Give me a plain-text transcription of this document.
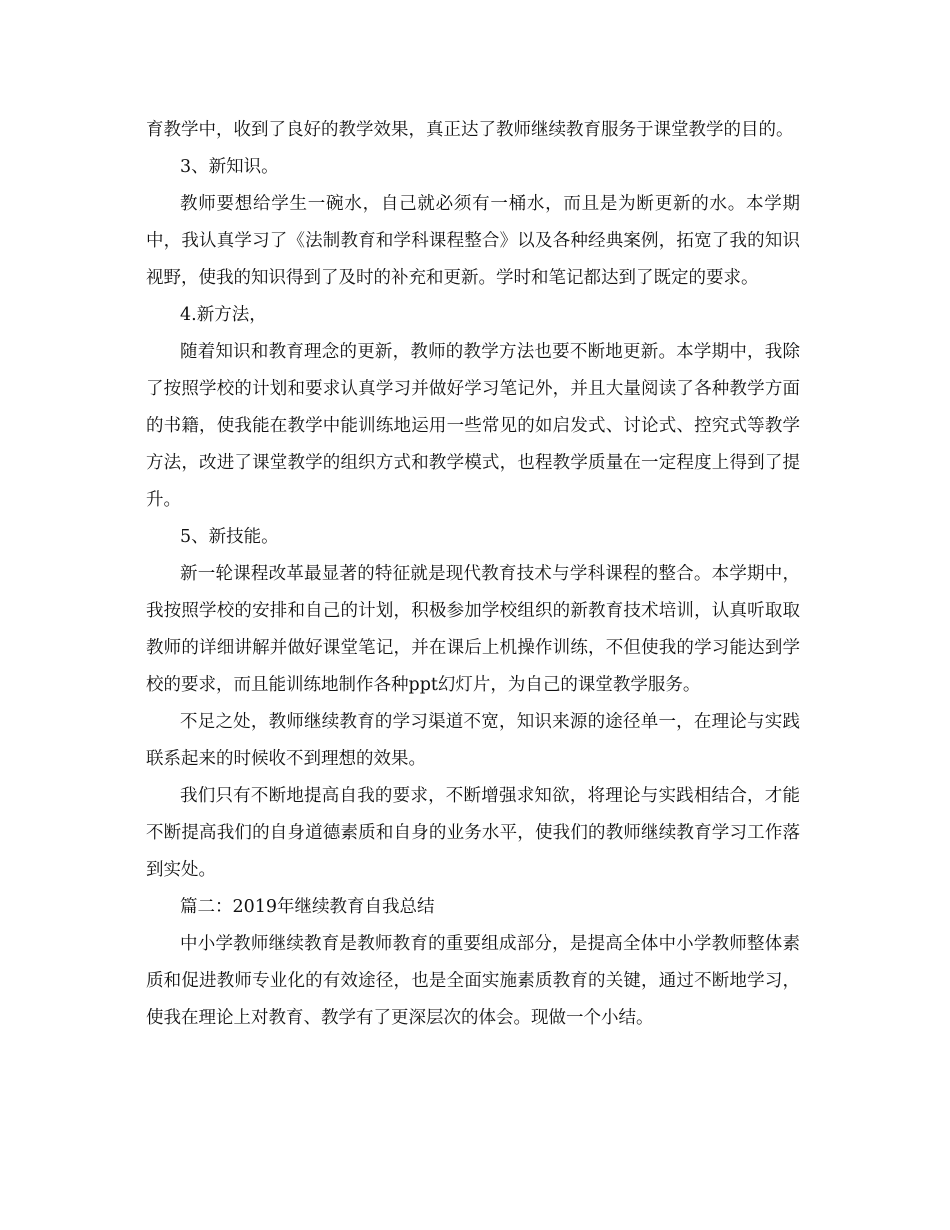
育教学中，收到了良好的教学效果，真正达了教师继续教育服务于课堂教学的目的。

3、新知识。

教师要想给学生一碗水，自己就必须有一桶水，而且是为断更新的水。本学期中，我认真学习了《法制教育和学科课程整合》以及各种经典案例，拓宽了我的知识视野，使我的知识得到了及时的补充和更新。学时和笔记都达到了既定的要求。

4.新方法，

随着知识和教育理念的更新，教师的教学方法也要不断地更新。本学期中，我除了按照学校的计划和要求认真学习并做好学习笔记外，并且大量阅读了各种教学方面的书籍，使我能在教学中能训练地运用一些常见的如启发式、讨论式、控究式等教学方法，改进了课堂教学的组织方式和教学模式，也程教学质量在一定程度上得到了提升。

5、新技能。

新一轮课程改革最显著的特征就是现代教育技术与学科课程的整合。本学期中，我按照学校的安排和自己的计划，积极参加学校组织的新教育技术培训，认真听取取教师的详细讲解并做好课堂笔记，并在课后上机操作训练，不但使我的学习能达到学校的要求，而且能训练地制作各种ppt幻灯片，为自己的课堂教学服务。

不足之处，教师继续教育的学习渠道不宽，知识来源的途径单一，在理论与实践联系起来的时候收不到理想的效果。

我们只有不断地提高自我的要求，不断增强求知欲，将理论与实践相结合，才能不断提高我们的自身道德素质和自身的业务水平，使我们的教师继续教育学习工作落到实处。

篇二：2019年继续教育自我总结

中小学教师继续教育是教师教育的重要组成部分，是提高全体中小学教师整体素质和促进教师专业化的有效途径，也是全面实施素质教育的关键，通过不断地学习，使我在理论上对教育、教学有了更深层次的体会。现做一个小结。
